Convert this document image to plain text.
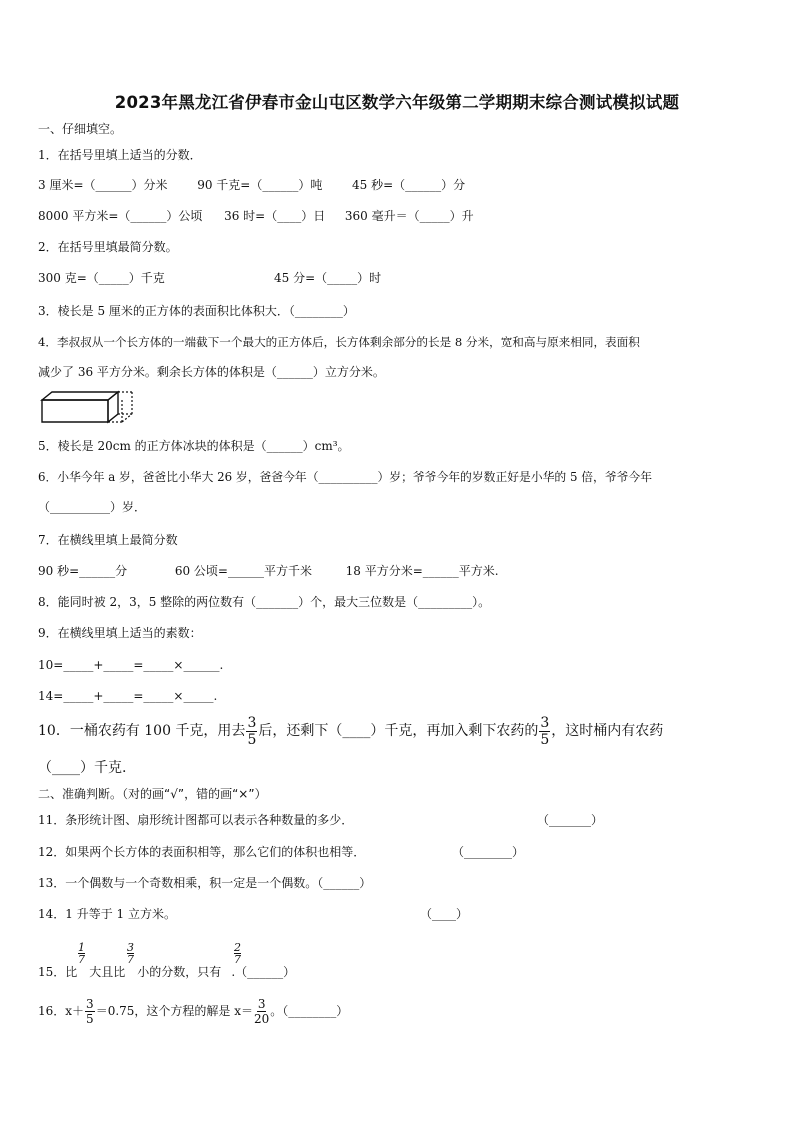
2023年黑龙江省伊春市金山屯区数学六年级第二学期期末综合测试模拟试题
一、仔细填空。
1．在括号里填上适当的分数．
3 厘米=（______）分米 90 千克=（______）吨 45 秒=（______）分
8000 平方米=（______）公顷 36 时=（____）日 360 毫升＝（_____）升
2．在括号里填最简分数。
300 克=（_____）千克	45 分=（_____）时
3．棱长是 5 厘米的正方体的表面积比体积大．（________）
4．李叔叔从一个长方体的一端截下一个最大的正方体后，长方体剩余部分的长是 8 分米，宽和高与原来相同，表面积
减少了 36 平方分米。剩余长方体的体积是（______）立方分米。
5．棱长是 20cm 的正方体冰块的体积是（______）cm³。
6．小华今年 a 岁，爸爸比小华大 26 岁，爸爸今年（__________）岁；爷爷今年的岁数正好是小华的 5 倍，爷爷今年
（__________）岁．
7．在横线里填上最简分数
90 秒=______分	60 公顷=______平方千米	18 平方分米=______平方米.
8．能同时被 2，3，5 整除的两位数有（_______）个，最大三位数是（_________）。
9．在横线里填上适当的素数：
10=_____+_____=_____×______.
14=_____+_____=_____×_____.
10．一桶农药有 100 千克，用去 $\frac{3}{5}$ 后，还剩下（____）千克，再加入剩下农药的 $\frac{3}{5}$ ，这时桶内有农药
（____）千克.
二、准确判断。（对的画“√”，错的画“×”）
11．条形统计图、扇形统计图都可以表示各种数量的多少．	（_______）
12．如果两个长方体的表面积相等，那么它们的体积也相等．	（________）
13．一个偶数与一个奇数相乘，积一定是一个偶数。（______）
14．1 升等于 1 立方米。	（____）
1
7
3
7
2
7
15．比 大且比 小的分数，只有 .（______）
16．$x+ \frac{3}{5} =0.75$，这个方程的解是 $x= \frac{3}{20}$ 。（________）
